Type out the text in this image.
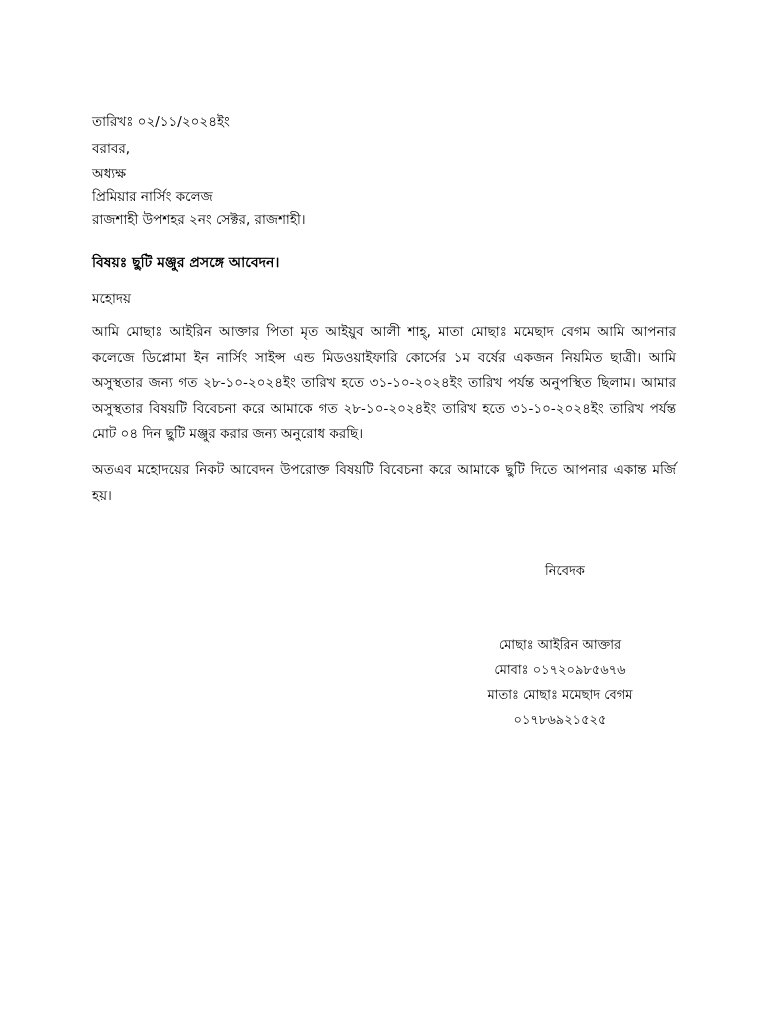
তারিখঃ ০২/১১/২০২৪ইং
বরাবর,
অধ্যক্ষ
প্রিমিয়ার নার্সিং কলেজ
রাজশাহী উপশহর ২নং সেক্টর, রাজশাহী।
বিষয়ঃ ছুটি মঞ্জুর প্রসঙ্গে আবেদন।
মহোদয়
আমি মোছাঃ আইরিন আক্তার পিতা মৃত আইয়ুব আলী শাহ্‌, মাতা মোছাঃ মমেছাদ বেগম আমি আপনার কলেজে ডিপ্লোমা ইন নার্সিং সাইন্স এন্ড মিডওয়াইফারি কোর্সের ১ম বর্ষের একজন নিয়মিত ছাত্রী। আমি অসুস্থতার জন্য গত ২৮-১০-২০২৪ইং তারিখ হতে ৩১-১০-২০২৪ইং তারিখ পর্যন্ত অনুপস্থিত ছিলাম। আমার অসুস্থতার বিষয়টি বিবেচনা করে আমাকে গত ২৮-১০-২০২৪ইং তারিখ হতে ৩১-১০-২০২৪ইং তারিখ পর্যন্ত মোট ০৪ দিন ছুটি মঞ্জুর করার জন্য অনুরোধ করছি।
অতএব মহোদয়ের নিকট আবেদন উপরোক্ত বিষয়টি বিবেচনা করে আমাকে ছুটি দিতে আপনার একান্ত মর্জি হয়।
নিবেদক
মোছাঃ আইরিন আক্তার
মোবাঃ ০১৭২০৯৮৫৬৭৬
মাতাঃ মোছাঃ মমেছাদ বেগম
০১৭৮৬৯২১৫২৫
